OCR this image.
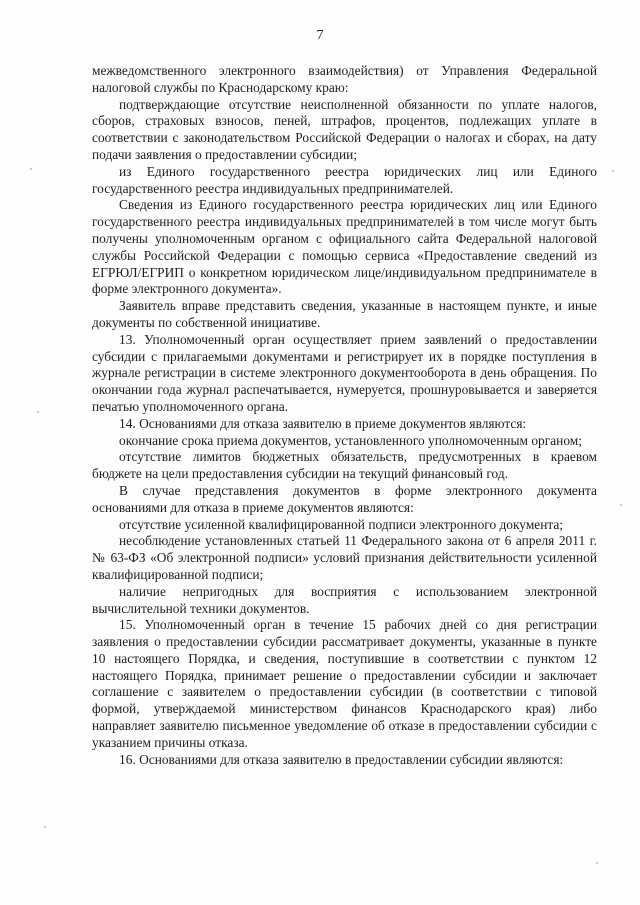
7

межведомственного электронного взаимодействия) от Управления Федеральной налоговой службы по Краснодарскому краю:

подтверждающие отсутствие неисполненной обязанности по уплате налогов, сборов, страховых взносов, пеней, штрафов, процентов, подлежащих уплате в соответствии с законодательством Российской Федерации о налогах и сборах, на дату подачи заявления о предоставлении субсидии;

из Единого государственного реестра юридических лиц или Единого государственного реестра индивидуальных предпринимателей.

Сведения из Единого государственного реестра юридических лиц или Единого государственного реестра индивидуальных предпринимателей в том числе могут быть получены уполномоченным органом с официального сайта Федеральной налоговой службы Российской Федерации с помощью сервиса «Предоставление сведений из ЕГРЮЛ/ЕГРИП о конкретном юридическом лице/индивидуальном предпринимателе в форме электронного документа».

Заявитель вправе представить сведения, указанные в настоящем пункте, и иные документы по собственной инициативе.

13. Уполномоченный орган осуществляет прием заявлений о предоставлении субсидии с прилагаемыми документами и регистрирует их в порядке поступления в журнале регистрации в системе электронного документооборота в день обращения. По окончании года журнал распечатывается, нумеруется, прошнуровывается и заверяется печатью уполномоченного органа.

14. Основаниями для отказа заявителю в приеме документов являются:

окончание срока приема документов, установленного уполномоченным органом;

отсутствие лимитов бюджетных обязательств, предусмотренных в краевом бюджете на цели предоставления субсидии на текущий финансовый год.

В случае представления документов в форме электронного документа основаниями для отказа в приеме документов являются:

отсутствие усиленной квалифицированной подписи электронного документа;

несоблюдение установленных статьей 11 Федерального закона от 6 апреля 2011 г. № 63-ФЗ «Об электронной подписи» условий признания действительности усиленной квалифицированной подписи;

наличие непригодных для восприятия с использованием электронной вычислительной техники документов.

15. Уполномоченный орган в течение 15 рабочих дней со дня регистрации заявления о предоставлении субсидии рассматривает документы, указанные в пункте 10 настоящего Порядка, и сведения, поступившие в соответствии с пунктом 12 настоящего Порядка, принимает решение о предоставлении субсидии и заключает соглашение с заявителем о предоставлении субсидии (в соответствии с типовой формой, утверждаемой министерством финансов Краснодарского края) либо направляет заявителю письменное уведомление об отказе в предоставлении субсидии с указанием причины отказа.

16. Основаниями для отказа заявителю в предоставлении субсидии являются:
